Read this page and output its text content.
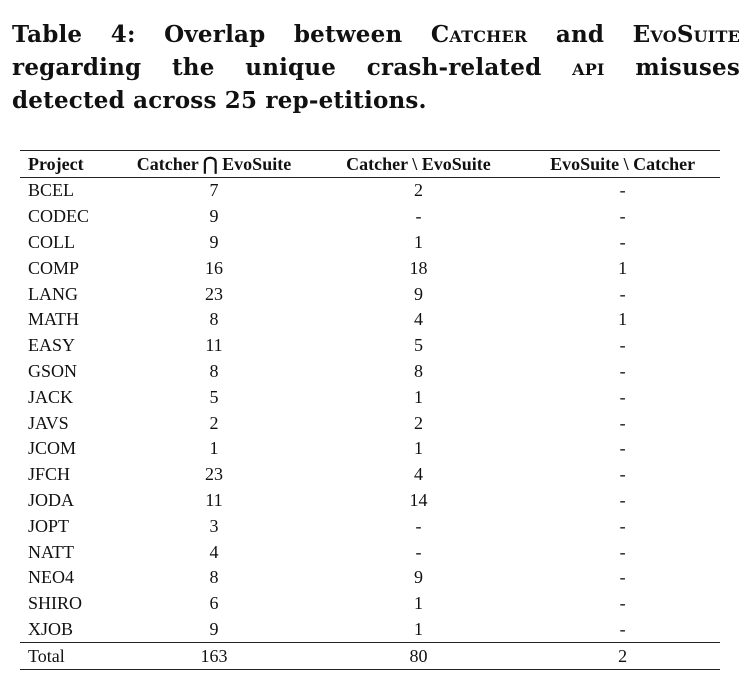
Table 4: Overlap between Catcher and EvoSuite regarding the unique crash-related api misuses detected across 25 rep-etitions.
Project	Catcher ⋂ EvoSuite	Catcher \ EvoSuite	EvoSuite \ Catcher
BCEL	7	2	-
CODEC	9	-	-
COLL	9	1	-
COMP	16	18	1
LANG	23	9	-
MATH	8	4	1
EASY	11	5	-
GSON	8	8	-
JACK	5	1	-
JAVS	2	2	-
JCOM	1	1	-
JFCH	23	4	-
JODA	11	14	-
JOPT	3	-	-
NATT	4	-	-
NEO4	8	9	-
SHIRO	6	1	-
XJOB	9	1	-
Total	163	80	2
